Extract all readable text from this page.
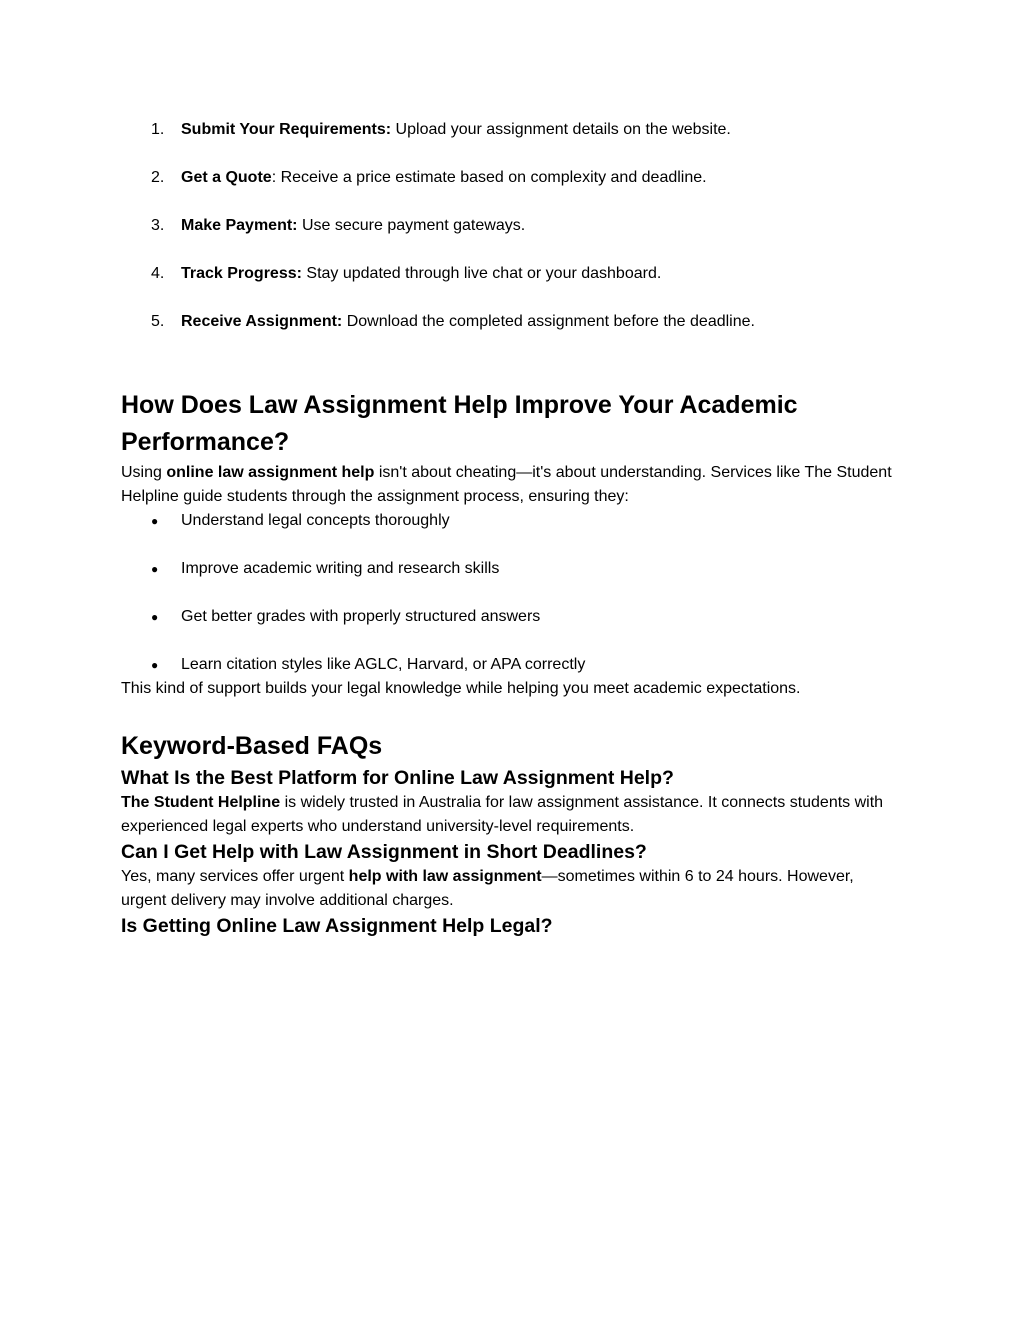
1.	Submit Your Requirements: Upload your assignment details on the website.
2.	Get a Quote: Receive a price estimate based on complexity and deadline.
3.	Make Payment: Use secure payment gateways.
4.	Track Progress: Stay updated through live chat or your dashboard.
5.	Receive Assignment: Download the completed assignment before the deadline.
How Does Law Assignment Help Improve Your Academic Performance?

Using online law assignment help isn't about cheating—it's about understanding. Services like The Student Helpline guide students through the assignment process, ensuring they:

●	Understand legal concepts thoroughly
●	Improve academic writing and research skills
●	Get better grades with properly structured answers
●	Learn citation styles like AGLC, Harvard, or APA correctly

This kind of support builds your legal knowledge while helping you meet academic expectations.

Keyword-Based FAQs
What Is the Best Platform for Online Law Assignment Help?

The Student Helpline is widely trusted in Australia for law assignment assistance. It connects students with experienced legal experts who understand university-level requirements.

Can I Get Help with Law Assignment in Short Deadlines?

Yes, many services offer urgent help with law assignment—sometimes within 6 to 24 hours. However, urgent delivery may involve additional charges.

Is Getting Online Law Assignment Help Legal?
